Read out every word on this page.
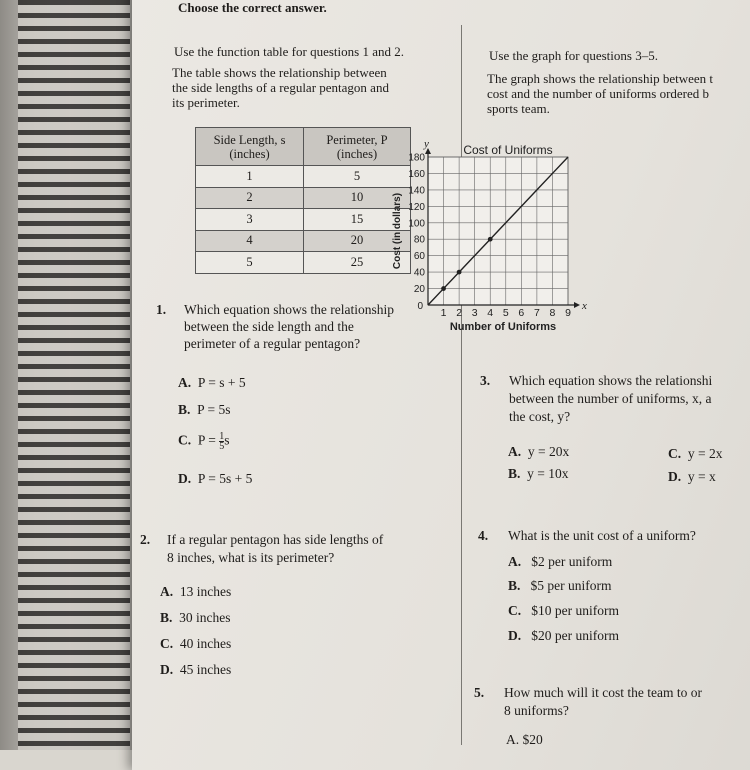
Choose the correct answer.
Use the function table for questions 1 and 2.
The table shows the relationship between
the side lengths of a regular pentagon and
its perimeter.
Side Length, s
(inches)	Perimeter, P
(inches)
1	5
2	10
3	15
4	20
5	25
1. Which equation shows the relationship
between the side length and the
perimeter of a regular pentagon?
A. P = s + 5
B. P = 5s
C. $P = \frac{1}{5}$ s
D. P = 5s + 5
2. If a regular pentagon has side lengths of
8 inches, what is its perimeter?
A. 13 inches
B. 30 inches
C. 40 inches
D. 45 inches
Use the graph for questions 3–5.
The graph shows the relationship between t
cost and the number of uniforms ordered b
sports team.
Cost of Uniforms
y
x
20
40
60
80
100
120
140
160
180
1 2 3 4 5 6 7 8 9
0
Number of Uniforms
Cost (in dollars)
3. Which equation shows the relationshi
between the number of uniforms, x, a
the cost, y?
A. y = 20x
B. y = 10x
C. y = 2x
D. y = x
4. What is the unit cost of a uniform?
A. $2 per uniform
B. $5 per uniform
C. $10 per uniform
D. $20 per uniform
5. How much will it cost the team to or
8 uniforms?
A. $20
